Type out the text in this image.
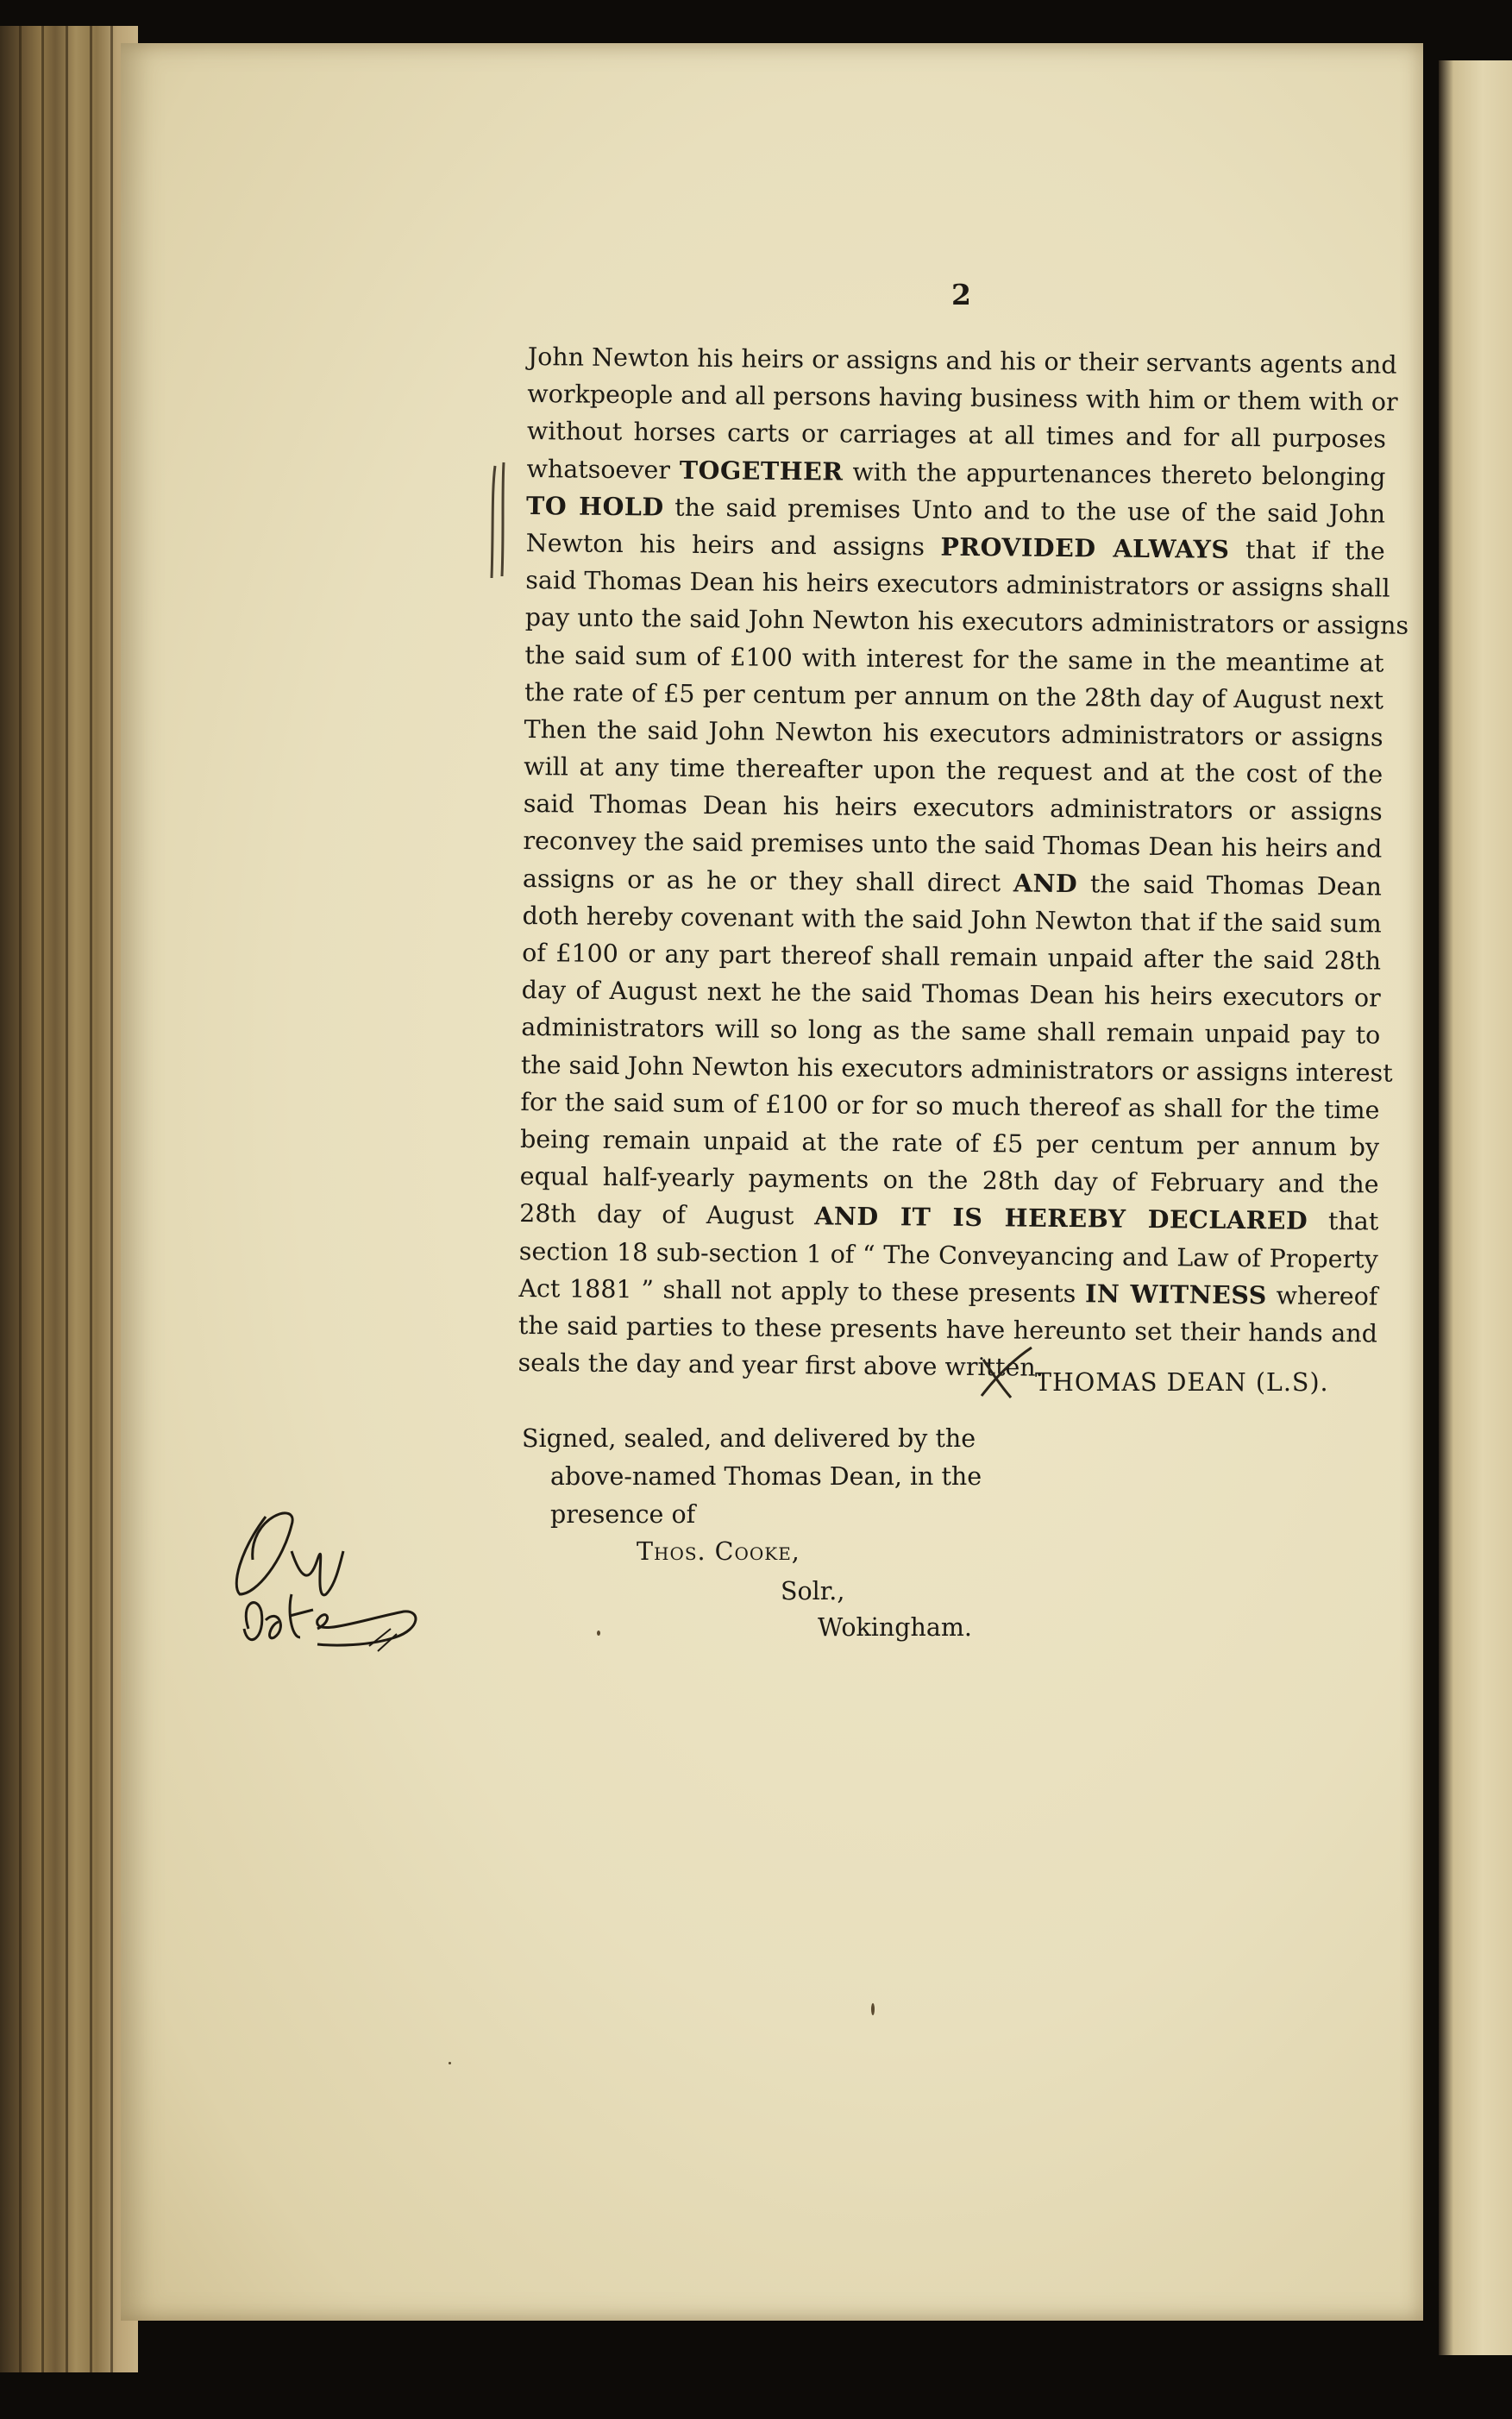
2
John Newton his heirs or assigns and his or their servants agents and
workpeople and all persons having business with him or them with or
without horses carts or carriages at all times and for all purposes
whatsoever TOGETHER with the appurtenances thereto belonging
TO HOLD the said premises Unto and to the use of the said John
Newton his heirs and assigns PROVIDED ALWAYS that if the
said Thomas Dean his heirs executors administrators or assigns shall
pay unto the said John Newton his executors administrators or assigns
the said sum of £100 with interest for the same in the meantime at
the rate of £5 per centum per annum on the 28th day of August next
Then the said John Newton his executors administrators or assigns
will at any time thereafter upon the request and at the cost of the
said Thomas Dean his heirs executors administrators or assigns
reconvey the said premises unto the said Thomas Dean his heirs and
assigns or as he or they shall direct AND the said Thomas Dean
doth hereby covenant with the said John Newton that if the said sum
of £100 or any part thereof shall remain unpaid after the said 28th
day of August next he the said Thomas Dean his heirs executors or
administrators will so long as the same shall remain unpaid pay to
the said John Newton his executors administrators or assigns interest
for the said sum of £100 or for so much thereof as shall for the time
being remain unpaid at the rate of £5 per centum per annum by
equal half-yearly payments on the 28th day of February and the
28th day of August AND IT IS HEREBY DECLARED that
section 18 sub-section 1 of “ The Conveyancing and Law of Property
Act 1881 ” shall not apply to these presents IN WITNESS whereof
the said parties to these presents have hereunto set their hands and
seals the day and year first above written.
THOMAS DEAN (L.S).
Signed, sealed, and delivered by the
above-named Thomas Dean, in the
presence of
Thos. Cooke,
Solr.,
Wokingham.
